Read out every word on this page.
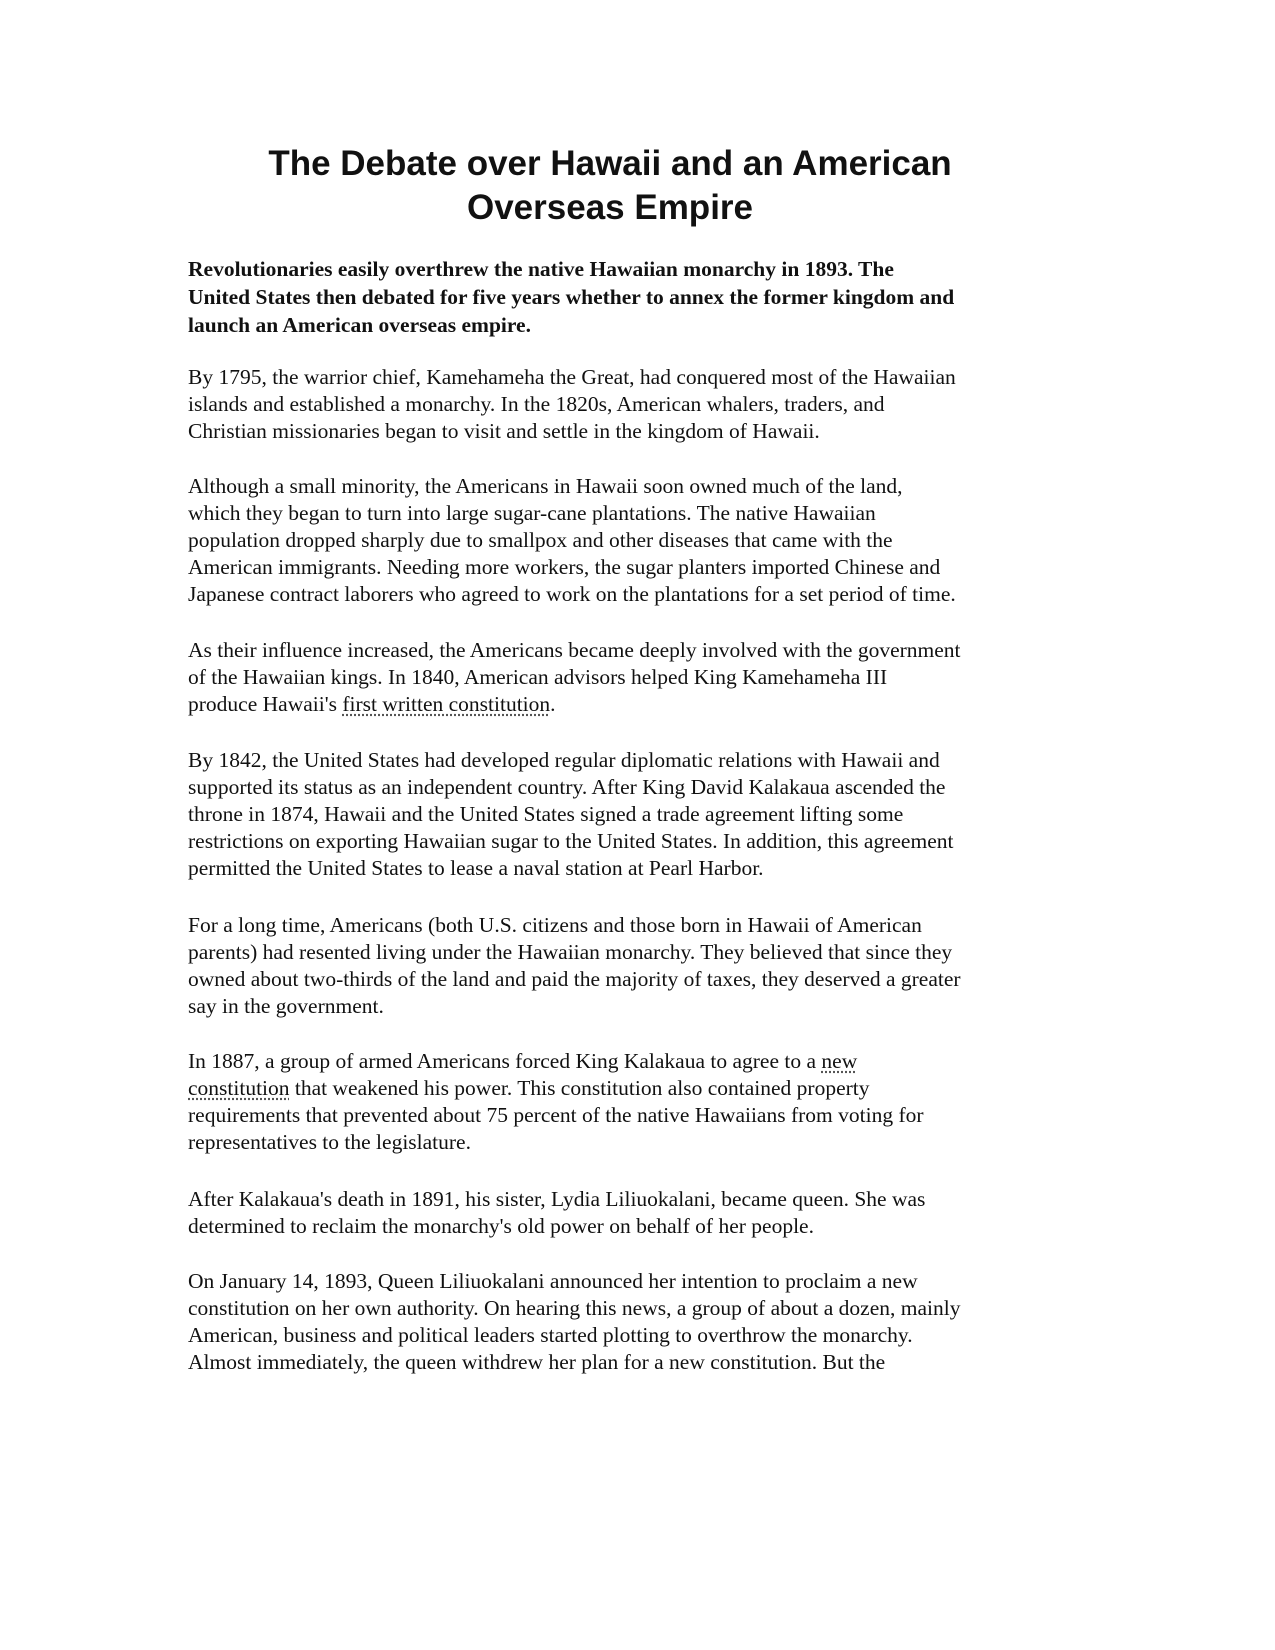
The Debate over Hawaii and an American
Overseas Empire

Revolutionaries easily overthrew the native Hawaiian monarchy in 1893. The
United States then debated for five years whether to annex the former kingdom and
launch an American overseas empire.

By 1795, the warrior chief, Kamehameha the Great, had conquered most of the Hawaiian
islands and established a monarchy. In the 1820s, American whalers, traders, and
Christian missionaries began to visit and settle in the kingdom of Hawaii.

Although a small minority, the Americans in Hawaii soon owned much of the land,
which they began to turn into large sugar-cane plantations. The native Hawaiian
population dropped sharply due to smallpox and other diseases that came with the
American immigrants. Needing more workers, the sugar planters imported Chinese and
Japanese contract laborers who agreed to work on the plantations for a set period of time.

As their influence increased, the Americans became deeply involved with the government
of the Hawaiian kings. In 1840, American advisors helped King Kamehameha III
produce Hawaii's first written constitution.

By 1842, the United States had developed regular diplomatic relations with Hawaii and
supported its status as an independent country. After King David Kalakaua ascended the
throne in 1874, Hawaii and the United States signed a trade agreement lifting some
restrictions on exporting Hawaiian sugar to the United States. In addition, this agreement
permitted the United States to lease a naval station at Pearl Harbor.

For a long time, Americans (both U.S. citizens and those born in Hawaii of American
parents) had resented living under the Hawaiian monarchy. They believed that since they
owned about two-thirds of the land and paid the majority of taxes, they deserved a greater
say in the government.

In 1887, a group of armed Americans forced King Kalakaua to agree to a new
constitution that weakened his power. This constitution also contained property
requirements that prevented about 75 percent of the native Hawaiians from voting for
representatives to the legislature.

After Kalakaua's death in 1891, his sister, Lydia Liliuokalani, became queen. She was
determined to reclaim the monarchy's old power on behalf of her people.

On January 14, 1893, Queen Liliuokalani announced her intention to proclaim a new
constitution on her own authority. On hearing this news, a group of about a dozen, mainly
American, business and political leaders started plotting to overthrow the monarchy.
Almost immediately, the queen withdrew her plan for a new constitution. But the
